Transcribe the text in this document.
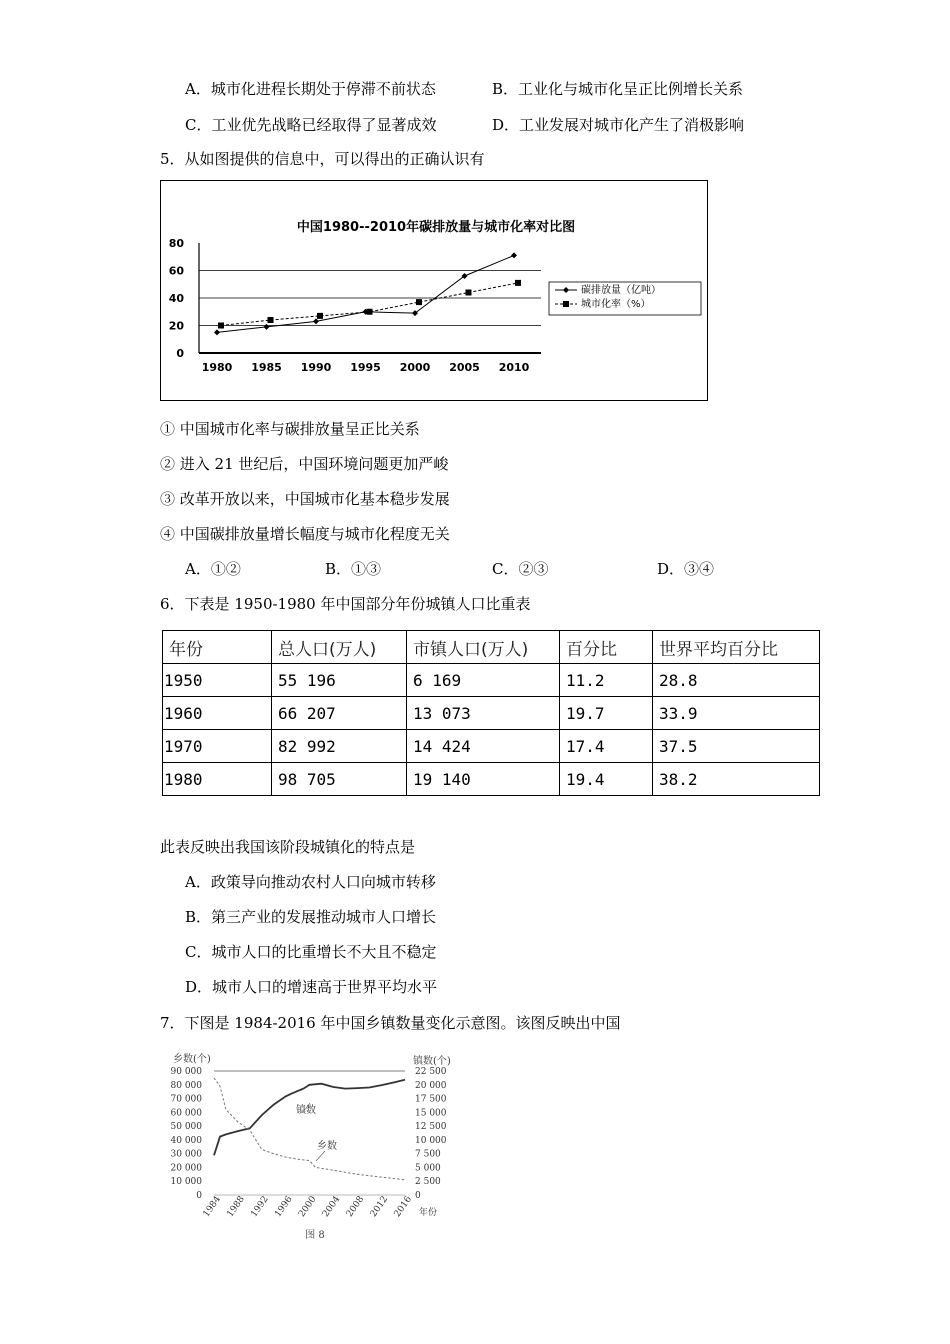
A．城市化进程长期处于停滞不前状态	B．工业化与城市化呈正比例增长关系
C．工业优先战略已经取得了显著成效	D．工业发展对城市化产生了消极影响
5．从如图提供的信息中，可以得出的正确认识有
中国1980--2010年碳排放量与城市化率对比图
0
20
40
60
80
1980 1985 1990 1995 2000 2005 2010
碳排放量（亿吨）
城市化率（%）
① 中国城市化率与碳排放量呈正比关系
② 进入 21 世纪后，中国环境问题更加严峻
③ 改革开放以来，中国城市化基本稳步发展
④ 中国碳排放量增长幅度与城市化程度无关
A．①②	B．①③	C．②③	D．③④
6．下表是 1950-1980 年中国部分年份城镇人口比重表
年份	总人口(万人)	市镇人口(万人)	百分比	世界平均百分比
1950	55 196	6 169	11.2	28.8
1960	66 207	13 073	19.7	33.9
1970	82 992	14 424	17.4	37.5
1980	98 705	19 140	19.4	38.2
此表反映出我国该阶段城镇化的特点是
A．政策导向推动农村人口向城市转移
B．第三产业的发展推动城市人口增长
C．城市人口的比重增长不大且不稳定
D．城市人口的增速高于世界平均水平
7．下图是 1984-2016 年中国乡镇数量变化示意图。该图反映出中国
乡数(个)	镇数(个)
0
10 000
20 000
30 000
40 000
50 000
60 000
70 000
80 000
90 000
0
2 500
5 000
7 500
10 000
12 500
15 000
17 500
20 000
22 500
1984 1988 1992 1996 2000 2004 2008 2012 2016
镇数
乡数
年份
图 8
